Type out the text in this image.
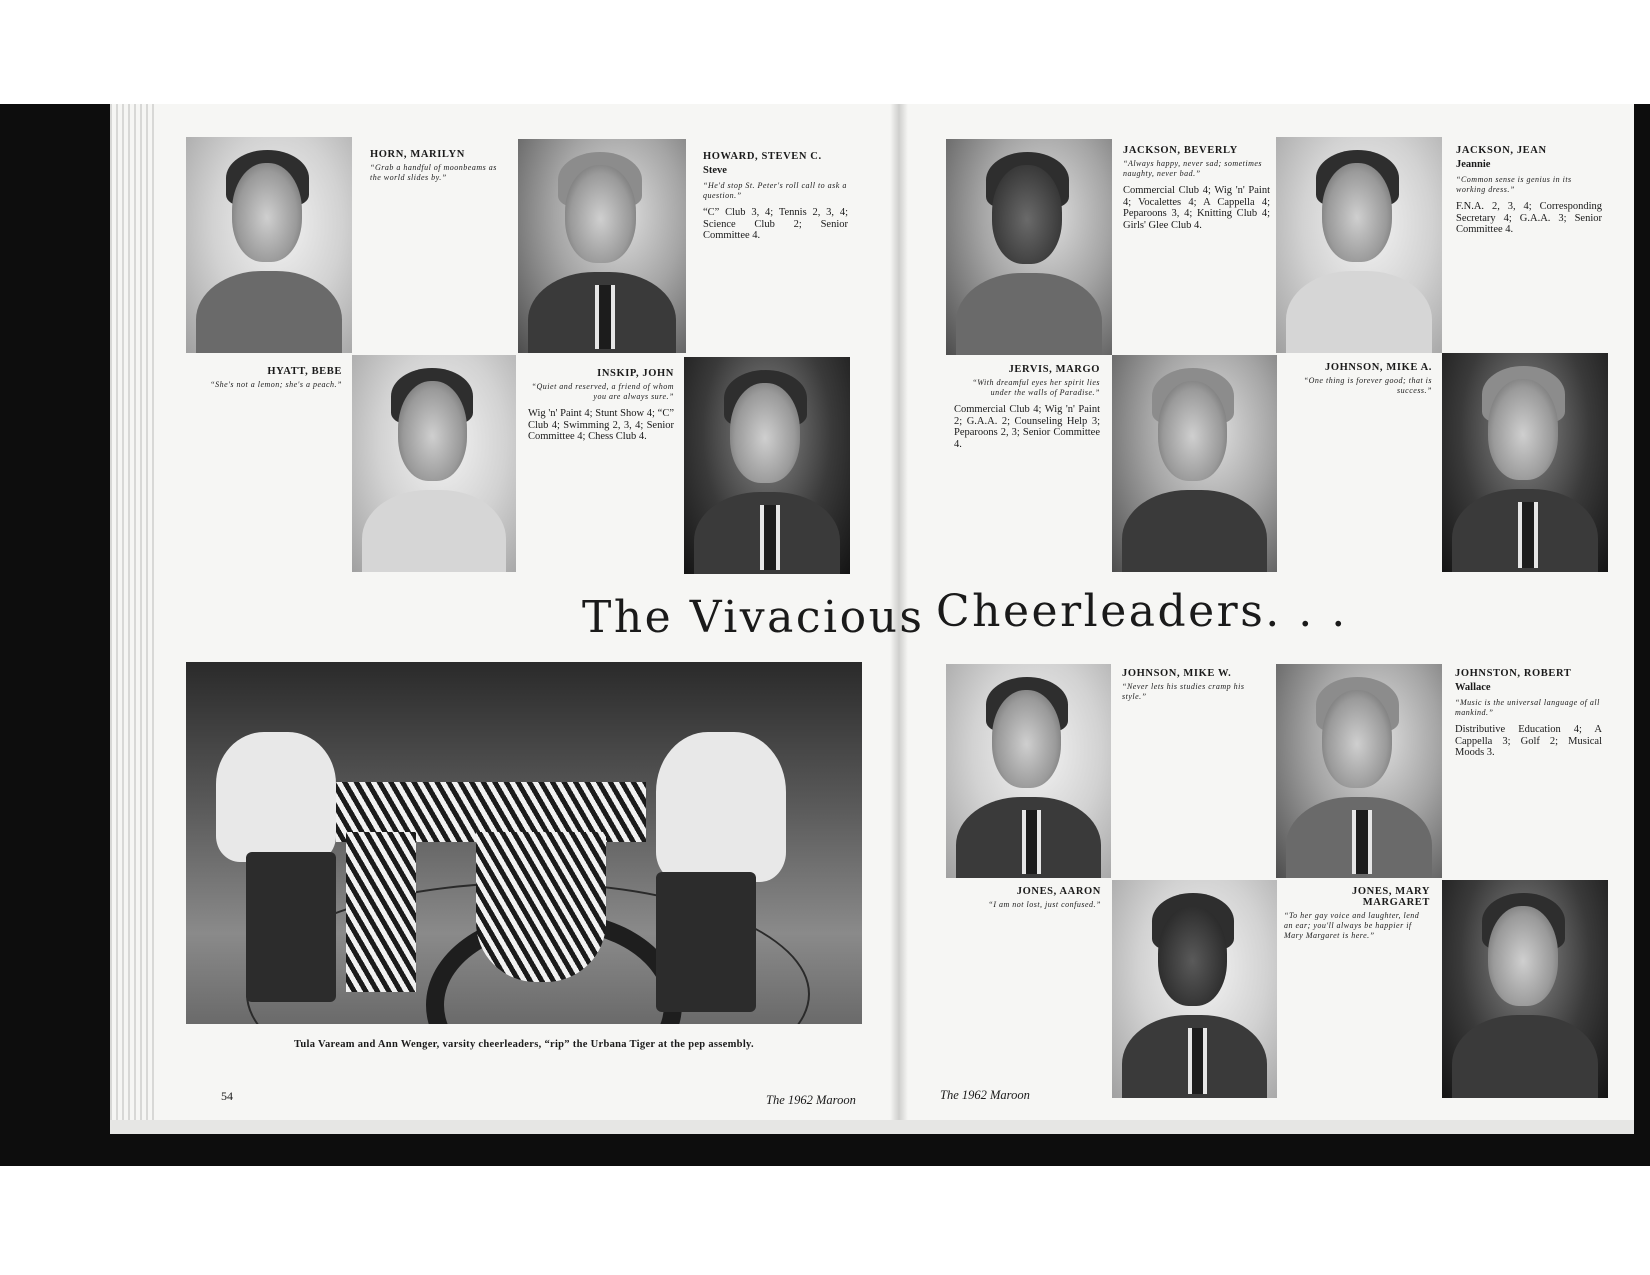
HORN, MARILYN

“Grab a handful of moonbeams as the world slides by.”

HOWARD, STEVEN C.

Steve

“He'd stop St. Peter's roll call to ask a question.”

“C” Club 3, 4; Tennis 2, 3, 4; Science Club 2; Senior Committee 4.

HYATT, BEBE

“She's not a lemon; she's a peach.”

INSKIP, JOHN

“Quiet and reserved, a friend of whom you are always sure.”

Wig 'n' Paint 4; Stunt Show 4; “C” Club 4; Swimming 2, 3, 4; Senior Committee 4; Chess Club 4.

The Vivacious Cheerleaders. . .
Tula Vaream and Ann Wenger, varsity cheerleaders, “rip” the Urbana Tiger at the pep assembly.
54	The 1962 Maroon	The 1962 Maroon

JACKSON, BEVERLY

“Always happy, never sad; sometimes naughty, never bad.”

Commercial Club 4; Wig 'n' Paint 4; Vocalettes 4; A Cappella 4; Peparoons 3, 4; Knitting Club 4; Girls' Glee Club 4.

JACKSON, JEAN

Jeannie

“Common sense is genius in its working dress.”

F.N.A. 2, 3, 4; Corresponding Secretary 4; G.A.A. 3; Senior Committee 4.

JERVIS, MARGO

“With dreamful eyes her spirit lies under the walls of Paradise.”

Commercial Club 4; Wig 'n' Paint 2; G.A.A. 2; Counseling Help 3; Peparoons 2, 3; Senior Committee 4.

JOHNSON, MIKE A.

“One thing is forever good; that is success.”

JOHNSON, MIKE W.

“Never lets his studies cramp his style.”

JOHNSTON, ROBERT

Wallace

“Music is the universal language of all mankind.”

Distributive Education 4; A Cappella 3; Golf 2; Musical Moods 3.

JONES, AARON

“I am not lost, just confused.”

JONES, MARY MARGARET

“To her gay voice and laughter, lend an ear; you'll always be happier if Mary Margaret is here.”
